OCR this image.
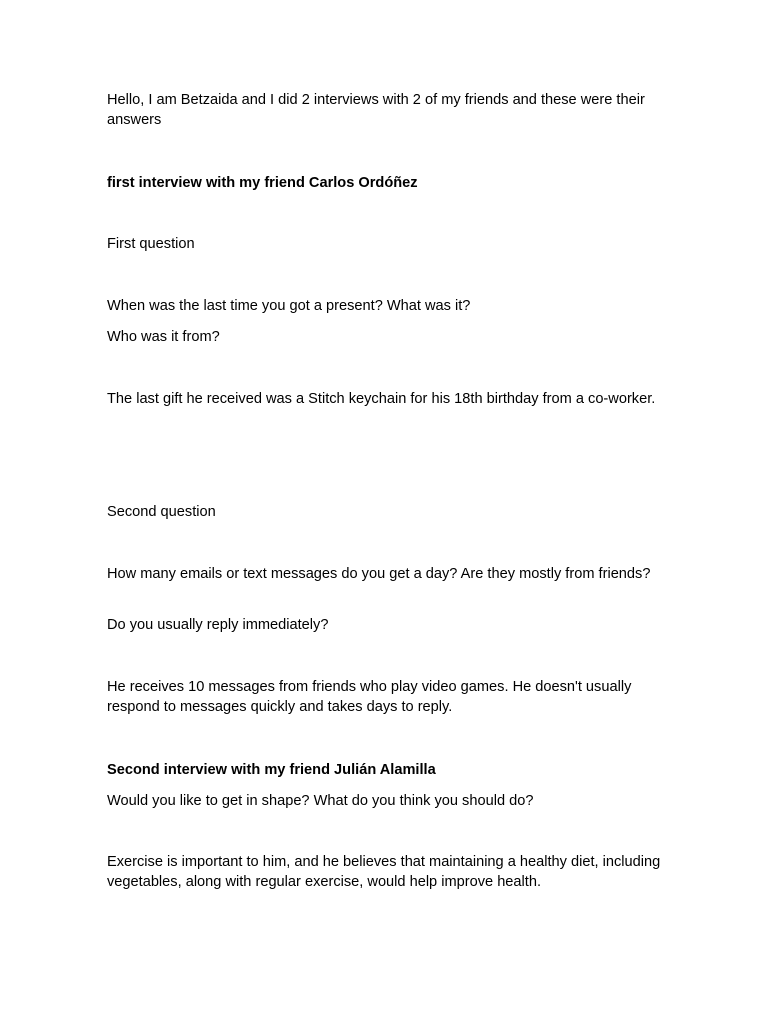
Hello, I am Betzaida and I did 2 interviews with 2 of my friends and these were their answers

first interview with my friend Carlos Ordóñez

First question

When was the last time you got a present? What was it?

Who was it from?

The last gift he received was a Stitch keychain for his 18th birthday from a co-worker.

Second question

How many emails or text messages do you get a day? Are they mostly from friends?

Do you usually reply immediately?

He receives 10 messages from friends who play video games. He doesn't usually respond to messages quickly and takes days to reply.

Second interview with my friend Julián Alamilla

Would you like to get in shape? What do you think you should do?

Exercise is important to him, and he believes that maintaining a healthy diet, including vegetables, along with regular exercise, would help improve health.
